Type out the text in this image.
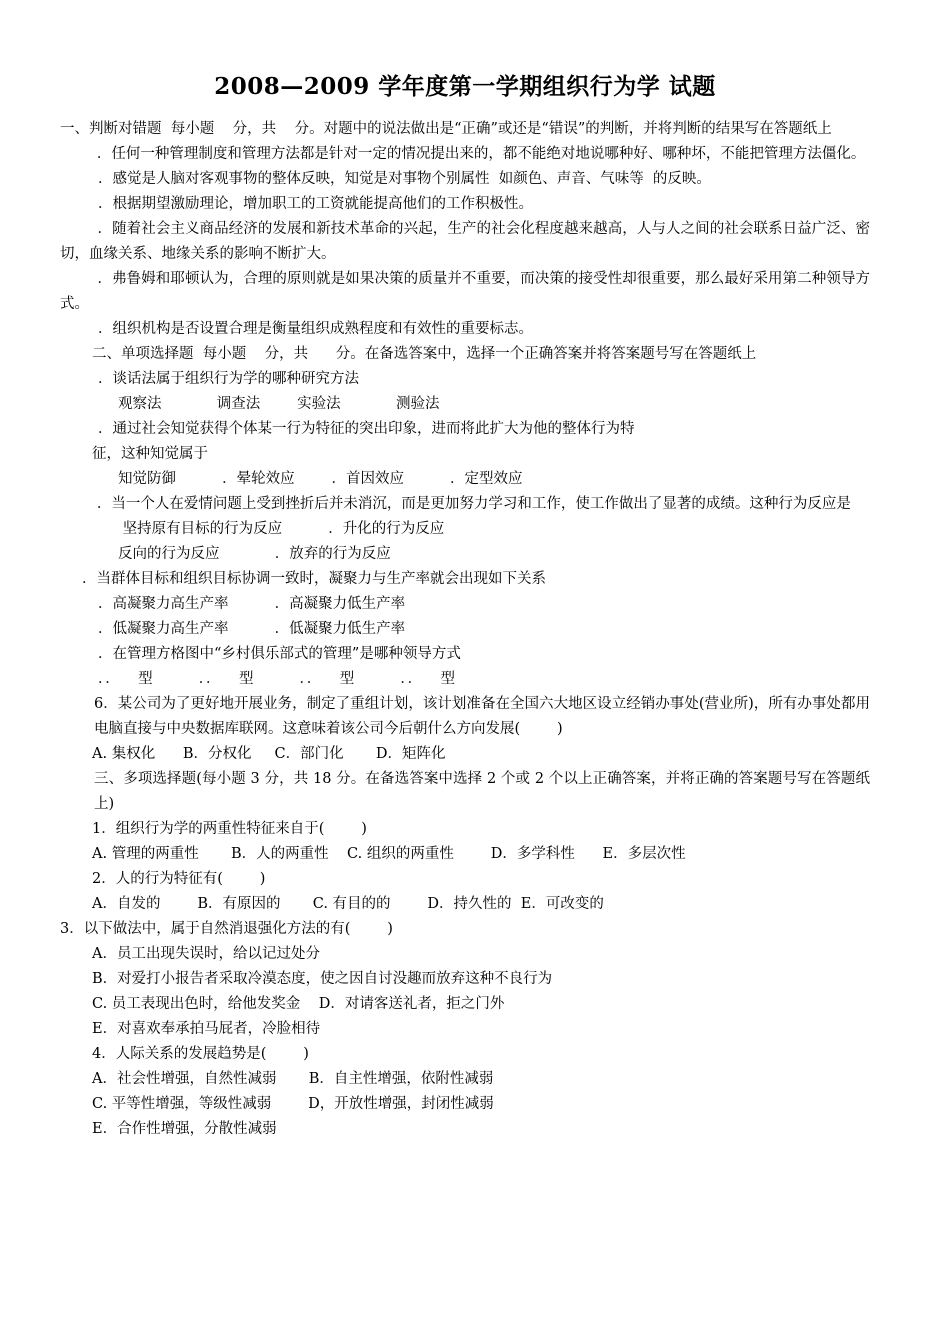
2008—2009 学年度第一学期组织行为学 试题

一、判断对错题  每小题    分，共    分。对题中的说法做出是“正确”或还是“错误”的判断，并将判断的结果写在答题纸上

．任何一种管理制度和管理方法都是针对一定的情况提出来的，都不能绝对地说哪种好、哪种坏，不能把管理方法僵化。

．感觉是人脑对客观事物的整体反映，知觉是对事物个别属性  如颜色、声音、气味等  的反映。

．根据期望激励理论，增加职工的工资就能提高他们的工作积极性。

．随着社会主义商品经济的发展和新技术革命的兴起，生产的社会化程度越来越高，人与人之间的社会联系日益广泛、密切，血缘关系、地缘关系的影响不断扩大。

．弗鲁姆和耶顿认为，合理的原则就是如果决策的质量并不重要，而决策的接受性却很重要，那么最好采用第二种领导方式。

．组织机构是否设置合理是衡量组织成熟程度和有效性的重要标志。

二、单项选择题  每小题    分，共      分。在备选答案中，选择一个正确答案并将答案题号写在答题纸上

．谈话法属于组织行为学的哪种研究方法

观察法            调查法        实验法            测验法

．通过社会知觉获得个体某一行为特征的突出印象，进而将此扩大为他的整体行为特

征，这种知觉属于

知觉防御          ．晕轮效应        ．首因效应          ．定型效应

．当一个人在爱情问题上受到挫折后并未消沉，而是更加努力学习和工作，使工作做出了显著的成绩。这种行为反应是

坚持原有目标的行为反应          ．升化的行为反应

反向的行为反应            ．放弃的行为反应

．当群体目标和组织目标协调一致时，凝聚力与生产率就会出现如下关系

．高凝聚力高生产率          ．高凝聚力低生产率

．低凝聚力高生产率          ．低凝聚力低生产率

．在管理方格图中“乡村俱乐部式的管理”是哪种领导方式

．．    型          ．．    型          ．．    型          ．．    型

6．某公司为了更好地开展业务，制定了重组计划，该计划准备在全国六大地区设立经销办事处(营业所)，所有办事处都用电脑直接与中央数据库联网。这意味着该公司今后朝什么方向发展(        )

A. 集权化      B．分权化     C．部门化       D．矩阵化

三、多项选择题(每小题 3 分，共 18 分。在备选答案中选择 2 个或 2 个以上正确答案，并将正确的答案题号写在答题纸上)

1．组织行为学的两重性特征来自于(        )

A. 管理的两重性       B．人的两重性    C. 组织的两重性        D．多学科性      E．多层次性

2．人的行为特征有(        )

A．自发的        B．有原因的       C. 有目的的        D．持久性的  E．可改变的

3．以下做法中，属于自然消退强化方法的有(        )

A．员工出现失误时，给以记过处分

B．对爱打小报告者采取冷漠态度，使之因自讨没趣而放弃这种不良行为

C. 员工表现出色时，给他发奖金    D．对请客送礼者，拒之门外

E．对喜欢奉承拍马屁者，冷脸相待

4．人际关系的发展趋势是(        )

A．社会性增强，自然性减弱       B．自主性增强，依附性减弱

C. 平等性增强，等级性减弱        D，开放性增强，封闭性减弱

E．合作性增强，分散性减弱
